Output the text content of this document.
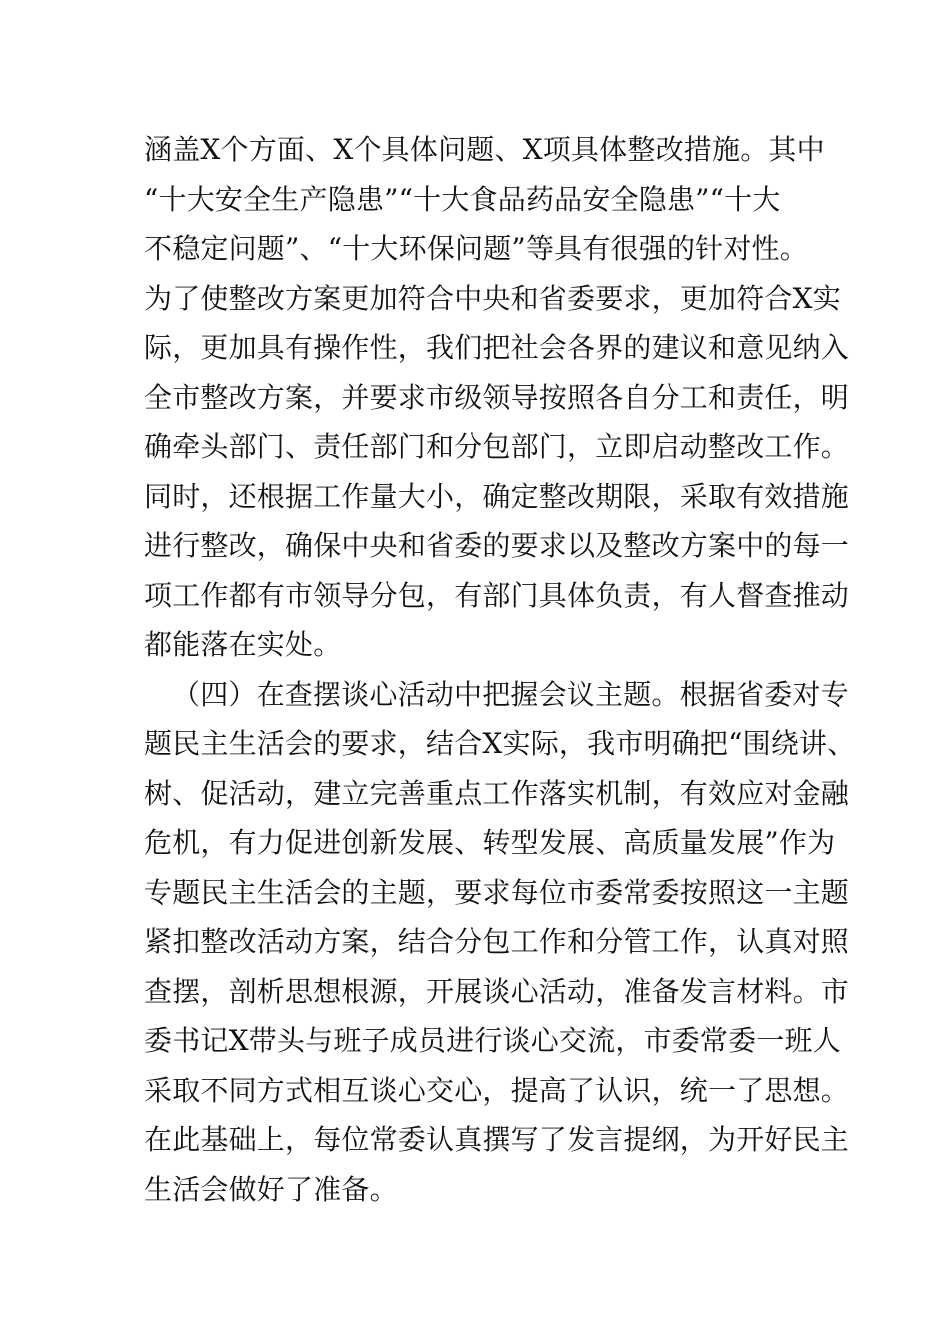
涵盖X个方面、X个具体问题、X项具体整改措施。其中
“十大安全生产隐患”“十大食品药品安全隐患”“十大
不稳定问题”、“十大环保问题”等具有很强的针对性。
为了使整改方案更加符合中央和省委要求，更加符合X实
际，更加具有操作性，我们把社会各界的建议和意见纳入
全市整改方案，并要求市级领导按照各自分工和责任，明
确牵头部门、责任部门和分包部门，立即启动整改工作。
同时，还根据工作量大小，确定整改期限，采取有效措施
进行整改，确保中央和省委的要求以及整改方案中的每一
项工作都有市领导分包，有部门具体负责，有人督查推动
都能落在实处。
（四）在查摆谈心活动中把握会议主题。根据省委对专
题民主生活会的要求，结合X实际，我市明确把“围绕讲、
树、促活动，建立完善重点工作落实机制，有效应对金融
危机，有力促进创新发展、转型发展、高质量发展”作为
专题民主生活会的主题，要求每位市委常委按照这一主题
紧扣整改活动方案，结合分包工作和分管工作，认真对照
查摆，剖析思想根源，开展谈心活动，准备发言材料。市
委书记X带头与班子成员进行谈心交流，市委常委一班人
采取不同方式相互谈心交心，提高了认识，统一了思想。
在此基础上，每位常委认真撰写了发言提纲，为开好民主
生活会做好了准备。
